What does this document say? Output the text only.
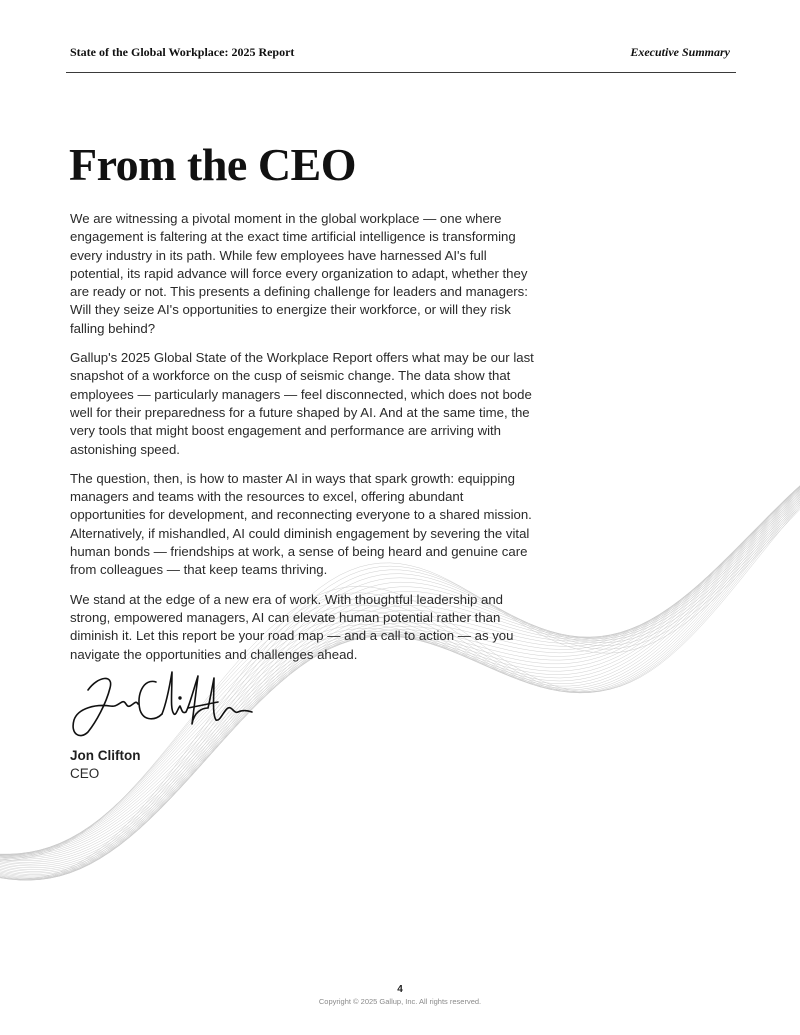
State of the Global Workplace: 2025 Report	Executive Summary
From the CEO

We are witnessing a pivotal moment in the global workplace — one where engagement is faltering at the exact time artificial intelligence is transforming every industry in its path. While few employees have harnessed AI's full potential, its rapid advance will force every organization to adapt, whether they are ready or not. This presents a defining challenge for leaders and managers: Will they seize AI's opportunities to energize their workforce, or will they risk falling behind?

Gallup's 2025 Global State of the Workplace Report offers what may be our last snapshot of a workforce on the cusp of seismic change. The data show that employees — particularly managers — feel disconnected, which does not bode well for their preparedness for a future shaped by AI. And at the same time, the very tools that might boost engagement and performance are arriving with astonishing speed.

The question, then, is how to master AI in ways that spark growth: equipping managers and teams with the resources to excel, offering abundant opportunities for development, and reconnecting everyone to a shared mission. Alternatively, if mishandled, AI could diminish engagement by severing the vital human bonds — friendships at work, a sense of being heard and genuine care from colleagues — that keep teams thriving.

We stand at the edge of a new era of work. With thoughtful leadership and strong, empowered managers, AI can elevate human potential rather than diminish it. Let this report be your road map — and a call to action — as you navigate the opportunities and challenges ahead.

Jon Clifton
CEO
4
Copyright © 2025 Gallup, Inc. All rights reserved.
